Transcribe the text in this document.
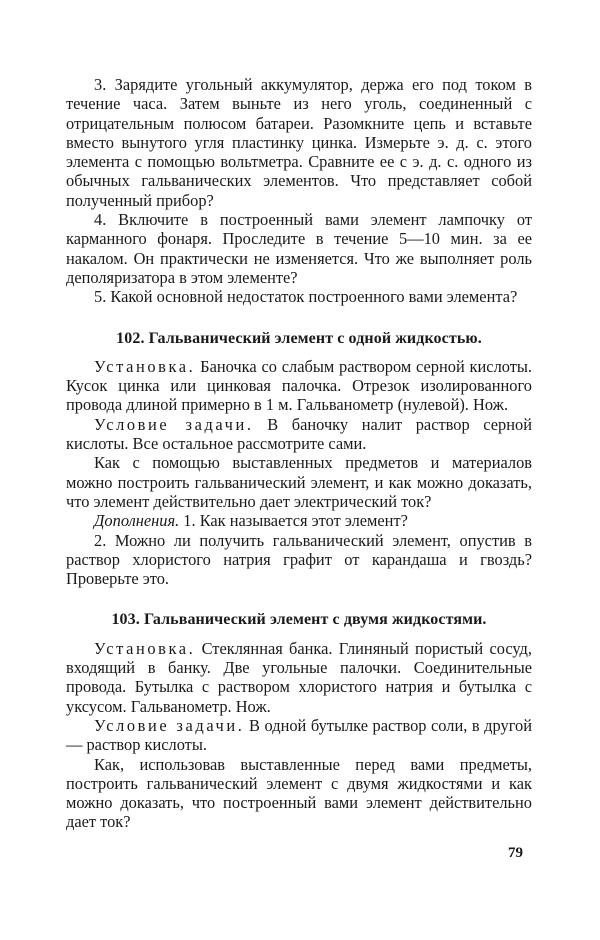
3. Зарядите угольный аккумулятор, держа его под током в течение часа. Затем выньте из него уголь, соединенный с отрицательным полюсом батареи. Разомкните цепь и вставьте вместо вынутого угля пластинку цинка. Измерьте э. д. с. этого элемента с помощью вольтметра. Сравните ее с э. д. с. одного из обычных гальванических элементов. Что представляет собой полученный прибор?

4. Включите в построенный вами элемент лампочку от карманного фонаря. Проследите в течение 5—10 мин. за ее накалом. Он практически не изменяется. Что же выполняет роль деполяризатора в этом элементе?

5. Какой основной недостаток построенного вами элемента?

102. Гальванический элемент с одной жидкостью.

Установка. Баночка со слабым раствором серной кислоты. Кусок цинка или цинковая палочка. Отрезок изолированного провода длиной примерно в 1 м. Гальванометр (нулевой). Нож.

Условие задачи. В баночку налит раствор серной кислоты. Все остальное рассмотрите сами.

Как с помощью выставленных предметов и материалов можно построить гальванический элемент, и как можно доказать, что элемент действительно дает электрический ток?

Дополнения. 1. Как называется этот элемент?

2. Можно ли получить гальванический элемент, опустив в раствор хлористого натрия графит от карандаша и гвоздь? Проверьте это.

103. Гальванический элемент с двумя жидкостями.

Установка. Стеклянная банка. Глиняный пористый сосуд, входящий в банку. Две угольные палочки. Соединительные провода. Бутылка с раствором хлористого натрия и бутылка с уксусом. Гальванометр. Нож.

Условие задачи. В одной бутылке раствор соли, в другой — раствор кислоты.

Как, использовав выставленные перед вами предметы, построить гальванический элемент с двумя жидкостями и как можно доказать, что построенный вами элемент действительно дает ток?

79
